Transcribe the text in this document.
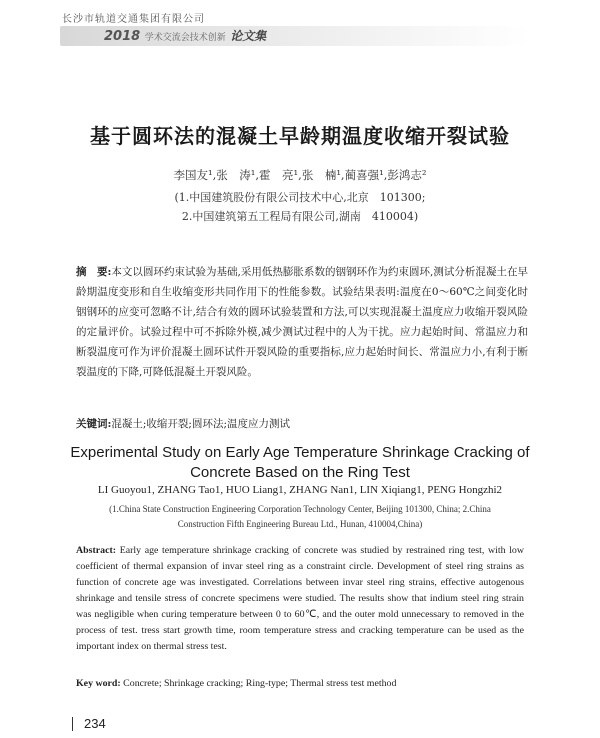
长沙市轨道交通集团有限公司
2018 学术交流会技术创新 论文集
基于圆环法的混凝土早龄期温度收缩开裂试验
李国友¹,张　涛¹,霍　亮¹,张　楠¹,蔺喜强¹,彭鸿志²
(1.中国建筑股份有限公司技术中心,北京　101300;
2.中国建筑第五工程局有限公司,湖南　410004)
摘　要:本文以圆环约束试验为基础,采用低热膨胀系数的铟钢环作为约束圆环,测试分析混凝土在早龄期温度变形和自生收缩变形共同作用下的性能参数。试验结果表明:温度在0～60℃之间变化时铟钢环的应变可忽略不计,结合有效的圆环试验装置和方法,可以实现混凝土温度应力收缩开裂风险的定量评价。试验过程中可不拆除外模,减少测试过程中的人为干扰。应力起始时间、常温应力和断裂温度可作为评价混凝土圆环试件开裂风险的重要指标,应力起始时间长、常温应力小,有利于断裂温度的下降,可降低混凝土开裂风险。
关键词:混凝土;收缩开裂;圆环法;温度应力测试
Experimental Study on Early Age Temperature Shrinkage Cracking of
Concrete Based on the Ring Test
LI Guoyou1, ZHANG Tao1, HUO Liang1, ZHANG Nan1, LIN Xiqiang1, PENG Hongzhi2
(1.China State Construction Engineering Corporation Technology Center, Beijing 101300, China; 2.China
Construction Fifth Engineering Bureau Ltd., Hunan, 410004,China)
Abstract: Early age temperature shrinkage cracking of concrete was studied by restrained ring test, with low coefficient of thermal expansion of invar steel ring as a constraint circle. Development of steel ring strains as function of concrete age was investigated. Correlations between invar steel ring strains, effective autogenous shrinkage and tensile stress of concrete specimens were studied. The results show that indium steel ring strain was negligible when curing temperature between 0 to 60℃, and the outer mold unnecessary to removed in the process of test. tress start growth time, room temperature stress and cracking temperature can be used as the important index on thermal stress test.
Key word: Concrete; Shrinkage cracking; Ring-type; Thermal stress test method
234
